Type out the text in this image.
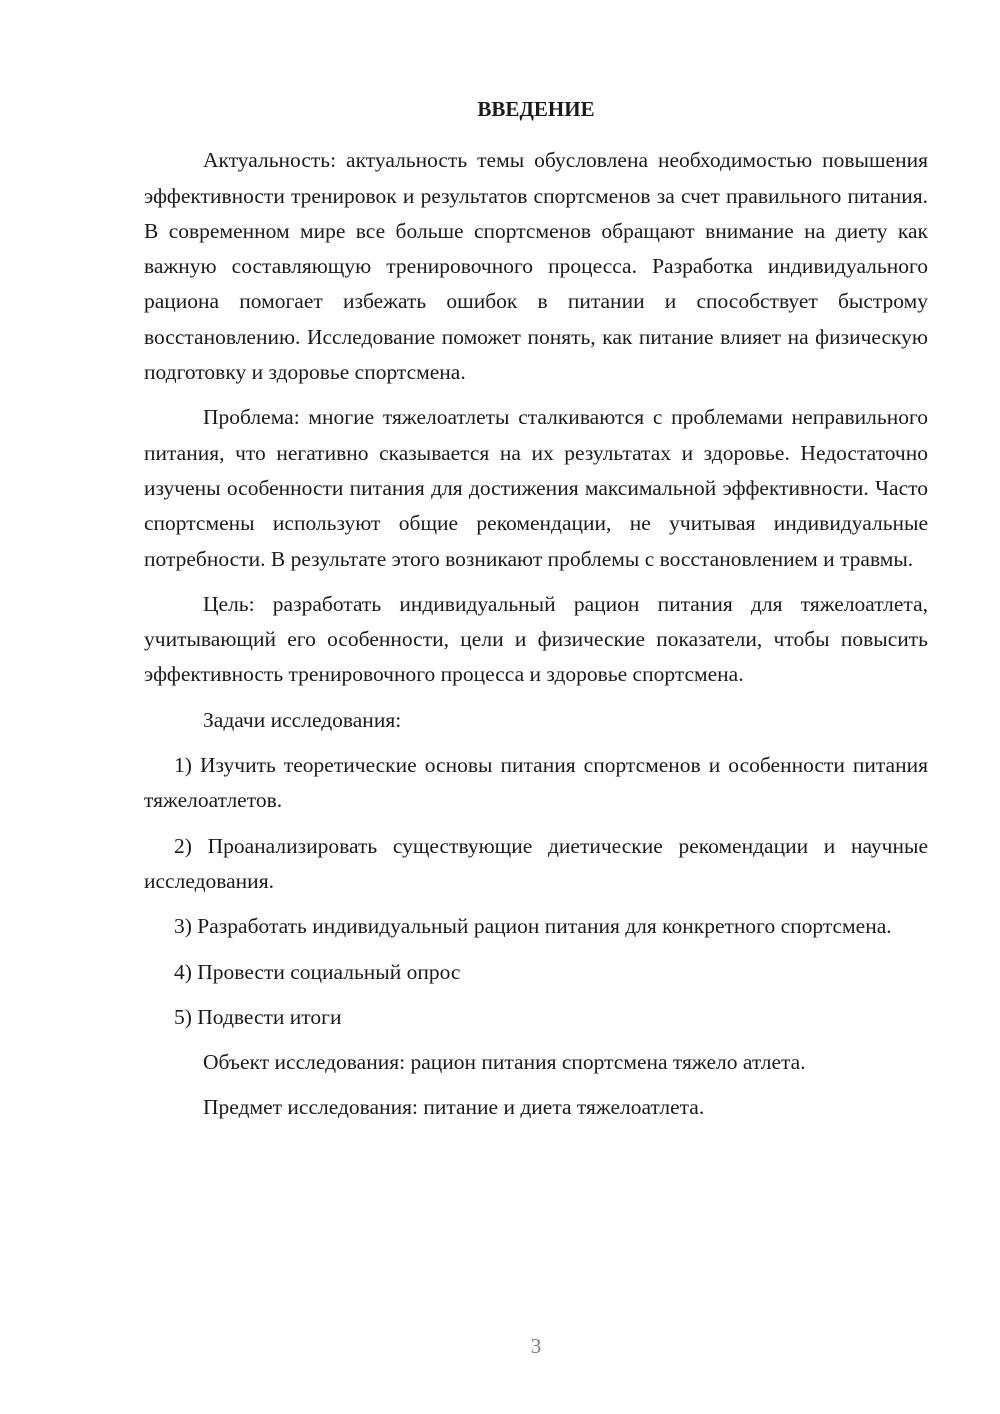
ВВЕДЕНИЕ

Актуальность: актуальность темы обусловлена необходимостью повышения эффективности тренировок и результатов спортсменов за счет правильного питания. В современном мире все больше спортсменов обращают внимание на диету как важную составляющую тренировочного процесса. Разработка индивидуального рациона помогает избежать ошибок в питании и способствует быстрому восстановлению. Исследование поможет понять, как питание влияет на физическую подготовку и здоровье спортсмена.

Проблема: многие тяжелоатлеты сталкиваются с проблемами неправильного питания, что негативно сказывается на их результатах и здоровье. Недостаточно изучены особенности питания для достижения максимальной эффективности. Часто спортсмены используют общие рекомендации, не учитывая индивидуальные потребности. В результате этого возникают проблемы с восстановлением и травмы.

Цель: разработать индивидуальный рацион питания для тяжелоатлета, учитывающий его особенности, цели и физические показатели, чтобы повысить эффективность тренировочного процесса и здоровье спортсмена.

Задачи исследования:

1) Изучить теоретические основы питания спортсменов и особенности питания тяжелоатлетов.

2) Проанализировать существующие диетические рекомендации и научные исследования.

3) Разработать индивидуальный рацион питания для конкретного спортсмена.

4) Провести социальный опрос

5) Подвести итоги

Объект исследования: рацион питания спортсмена тяжело атлета.

Предмет исследования: питание и диета тяжелоатлета.

3
